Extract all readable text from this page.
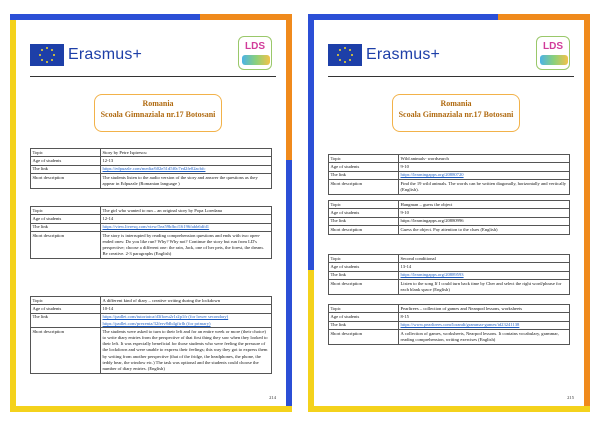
Erasmus+	LDS
Romania
Scoala Gimnaziala nr.17 Botosani
Topic	Story by Petre Ispirescu
Age of students	12-13
The link	https://edpuzzle.com/media/602e51d5f0c7ed2fe02acbfc
Short description	The students listen to the audio version of the story and answer the questions as they appear in Edpuzzle (Romanian language )
Topic	The girl who wanted to run – an original story by Popa Loredana
Age of students	12-14
The link	https://view.livresq.com/view/5ea59bfbcf16196fabb6dfd1
Short description	The story is interrupted by reading comprehension questions and ends with two open-ended ones: Do you like run? Why? Why not? Continue the story but run from LD's perspective; choose a different one: the rain, Jack, one of her pets, the forest, the dream. Be creative. 2-3 paragraphs (English)
Topic	A different kind of diary – creative writing during the lockdown
Age of students	10-14
The link	https://padlet.com/tutoriatca/d3ffoeu2r1r2p1fr (for lower secondary) https://padlet.com/prezenta/32ferv8db4gfirfh (for primary)
Short description	The students were asked to turn to their left and for an entire week or more (their choice) to write diary entries from the perspective of that first thing they saw when they looked to their left. It was especially beneficial for those students who were feeling the pressure of the lockdown and were unable to express their feelings; this way they got to express them by writing from another perspective (that of the fridge, the headphones, the phone, the teddy bear, the window etc.) The task was optional and the students could choose the number of diary entries. (English)
214
Erasmus+	LDS
Romania
Scoala Gimnaziala nr.17 Botosani
Topic	Wild animals- wordsearch
Age of students	9-10
The link	https://learningapps.org/20880720
Short description	Find the 19 wild animals. The words can be written diagonally, horizontally and vertically (English).
Topic	Hangman – guess the object
Age of students	9-10
The link	https://learningapps.org/20880996
Short description	Guess the object. Pay attention to the clues (English)
Topic	Second conditional
Age of students	13-14
The link	https://learningapps.org/20889593
Short description	Listen to the song If I could turn back time by Cher and select the right word/phrase for each blank space (English)
Topic	Pearltrees – collection of games and Neanpod lessons, worksheets
Age of students	8-15
The link	https://www.pearltrees.com/lorandt/grammar-games/id23241138
Short description	A collection of games, worksheets, Nearpod lessons. It contains vocabulary, grammar, reading comprehension, writing exercises (English)
215
